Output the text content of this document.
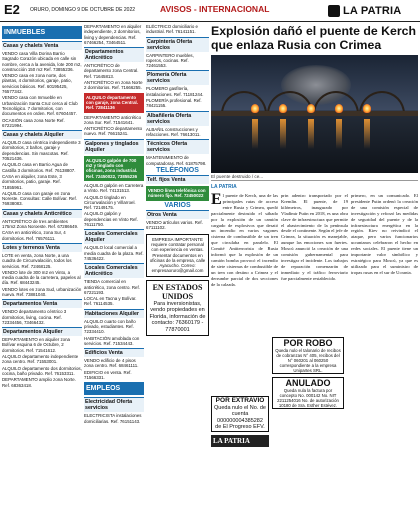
E2 ORURO, DOMINGO 9 DE OCTUBRE DE 2022	AVISOS - INTERNACIONAL	LA PATRIA
INMUEBLES
Casas y chalets Venta
VENDO casa Villa Dorina Barrio Sagrado Corazón ubicada en calle sin nombre, cerca a la avenida, lote 200 m2, construcción 150 m2 Ref. 73855236.
VENDO casa en zona norte, dos plantas, 4 dormitorios, garaje, patio, servicios básicos. Ref. 60195425, 76577342.
VENDO casa con Inmueble en Urbanización Santa Cruz cerca al Club Tecnológico. 7 dormitorios, con documentos en orden. Ref. 67604457.
OCASIÓN casa zona Norte Ref. 67221994.
Casas y chalets Alquiler
ALQUILO casa céntrica independiente 3 dormitorios, 2 baños, garaje y dependencias. Sin mascotas. Ref. 70521436.
ALQUILO casa en Barrio Agua de Castilla 3 dormitorios. Ref. 76138807.
CASA en alquiler, zona Este, 3 dormitorios, patio, garaje. Ref. 71855961.
ALQUILO casa con garaje en zona Noreste. Consultas: Calle Bolívar. Ref. 76938083.
Casas y chalets Anticrético
ANTICRÉTICO de tres ambientes 175m2 Zona Noroeste. Ref. 67286649.
CASA en anticrético, zona Sur, 4 dormitorios. Ref. 76576111.
Lotes y terrenos Venta
LOTE en venta, zona Norte, a una cuadra de Circunvalación, todos los servicios. Ref. 72468125.
VENDO lote de 300 m2 en Vinto, a media cuadra de la carretera, papeles al día. Ref. 68443245.
VENDO lotes en zona Sud, urbanización nueva. Ref. 73881040.
Departamentos Venta
VENDO departamento céntrico 3 dormitorios, living, cocina. Ref. 72334456, 73466432.
Departamentos Alquiler
DEPARTAMENTO en alquiler zona Bolívar esquina 6 de Octubre, 2 dormitorios. Ref. 71541612.
ALQUILO departamento independiente zona centro. Ref. 71553001.
ALQUILO departamento dos dormitorios, cocina, baño privado. Ref. 76153311.
DEPARTAMENTO amplio zona Norte. Ref. 68363418.
DEPARTAMENTO en alquiler independiente, 2 dormitorios, living y dependencias. Ref. 67466254, 73464511.
Departamentos Anticrético
ANTICRÉTICO de departamento zona Central. Ref. 71645813.
ANTICRÉTICO en zona Norte 2 dormitorios. Ref. 71666255.
ALQUILO departamento con garaje, zona Central. Ref. 72841136
DEPARTAMENTO anticrético zona Sur. Ref. 71541641.
ANTICRÉTICO departamento nuevo. Ref. 76615241.
Galpones y tinglados Alquiler
ALQUILO galpón de 700 m2 y tinglado con oficinas, zona industrial. Ref. 72450022, 73855236
ALQUILO galpón en Carretera a Vinto. Ref. 74131513.
ALQUILO tinglado en Circunvalación y Villarroel. Ref. 72149175.
ALQUILO galpón y dependencias en Vinto Ref. 76111750.
Locales Comerciales Alquiler
ALQUILO local comercial a media cuadra de la plaza. Ref. 74536422.
Locales Comerciales Anticrético
TIENDA comercial en anticrético, zona centro. Ref. 67221193.
LOCAL en Tacna y Bolívar. Ref. 76114535.
Habitaciones Alquiler
ALQUILO cuarto con baño privado, estudiantes. Ref. 72334410.
HABITACIÓN amoblada con servicios. Ref. 71534443.
Edificios Venta
VENDO edificio de 4 pisos zona centro. Ref. 68461111.
EDIFICIO en venta. Ref. 71566331.
EMPLEOS
Electricidad Oferta servicios
ELECTRICISTA instalaciones domiciliarias. Ref. 76151143.
ELÉCTRICO domiciliario e industrial. Ref. 76141151.
Carpintería Oferta servicios
CARPINTERO muebles, roperos, cocinas. Ref. 72461553.
Plomería Oferta servicios
PLOMERO gasfitería, instalaciones. Ref. 71181244.
PLOMERÍA profesional. Ref. 78421155.
Albañilería Oferta servicios
ALBAÑIL construcciones y refacciones. Ref. 76613011.
Técnicos Oferta servicios
MANTENIMIENTO de computadoras. Ref. 61875798.
TELÉFONOS
Telf. fijos Venta
VENDO línea telefónica con número fijo. Ref. 72450022
VARIOS
Otros Venta
VENDO artículos varios. Ref. 67111102.
EMPRESA IMPORTANTE requiere contratar personal con experiencia en ventas. Presentar documentos en oficinas de la empresa, calle Ayacucho. Correo: empresaoruro@gmail.com
EN ESTADOS UNIDOS
Para inversionistas, vendo propiedades en Florida, información de contacto: 76360179 - 77870001
Explosión dañó el puente de Kerch que enlaza Rusia con Crimea
El puente destruido / ce...
LA PATRIA
El puente de Kerch, una de las principales rutas de acceso entre Rusia y Crimea, quedó parcialmente destruido el sábado por la explosión de un camión cargado de explosivos que desató un incendio en varios vagones cisterna de combustible de un tren que circulaba en paralelo. El Comité Antiterrorista de Rusia informó que la explosión de un camión bomba provocó el incendio de siete cisternas de combustible de un tren con destino a Crimea y el derrumbe parcial de dos secciones de la calzada.
prin adentro transportado por el Kremlin. El puente, de 19 kilómetros, inaugurado por Vladímir Putin en 2018, es una obra clave de infraestructura que permite el abastecimiento de la península desde el continente. Según el jefe de Crimea, la situación es manejable, aunque las emociones son fuertes. Moscú anunció la creación de una comisión gubernamental para investigar el incidente. Los trabajos de reparación comenzarán de inmediato y el tráfico ferroviario fue parcialmente restablecido.
primero, en un comunicado. El presidente Putin ordenó la creación de una comisión especial de investigación y reforzó las medidas de seguridad del puente y de la infraestructura energética en la región. Kiev no reivindicó el ataque, pero varios funcionarios ucranianos celebraron el hecho en redes sociales. El puente tiene un importante valor simbólico y estratégico para Moscú, ya que es utilizado para el suministro de tropas rusas en el sur de Ucrania.
POR ROBO

Queda nulo el talonario de recibos de cobranzas N° 405, recibos del N° 060201 al 060250 correspondiente a la empresa Unipartes SRL.

ANULADO

Queda nula la factura por concepto No. 000142 No. NIT 2211254016 No. de autorización 10180 de Sra. Esther Estévez.

POR EXTRAVIO

Queda nulo el No. de cuenta 000000004385282 de El Progreso EFV.

LA PATRIA
